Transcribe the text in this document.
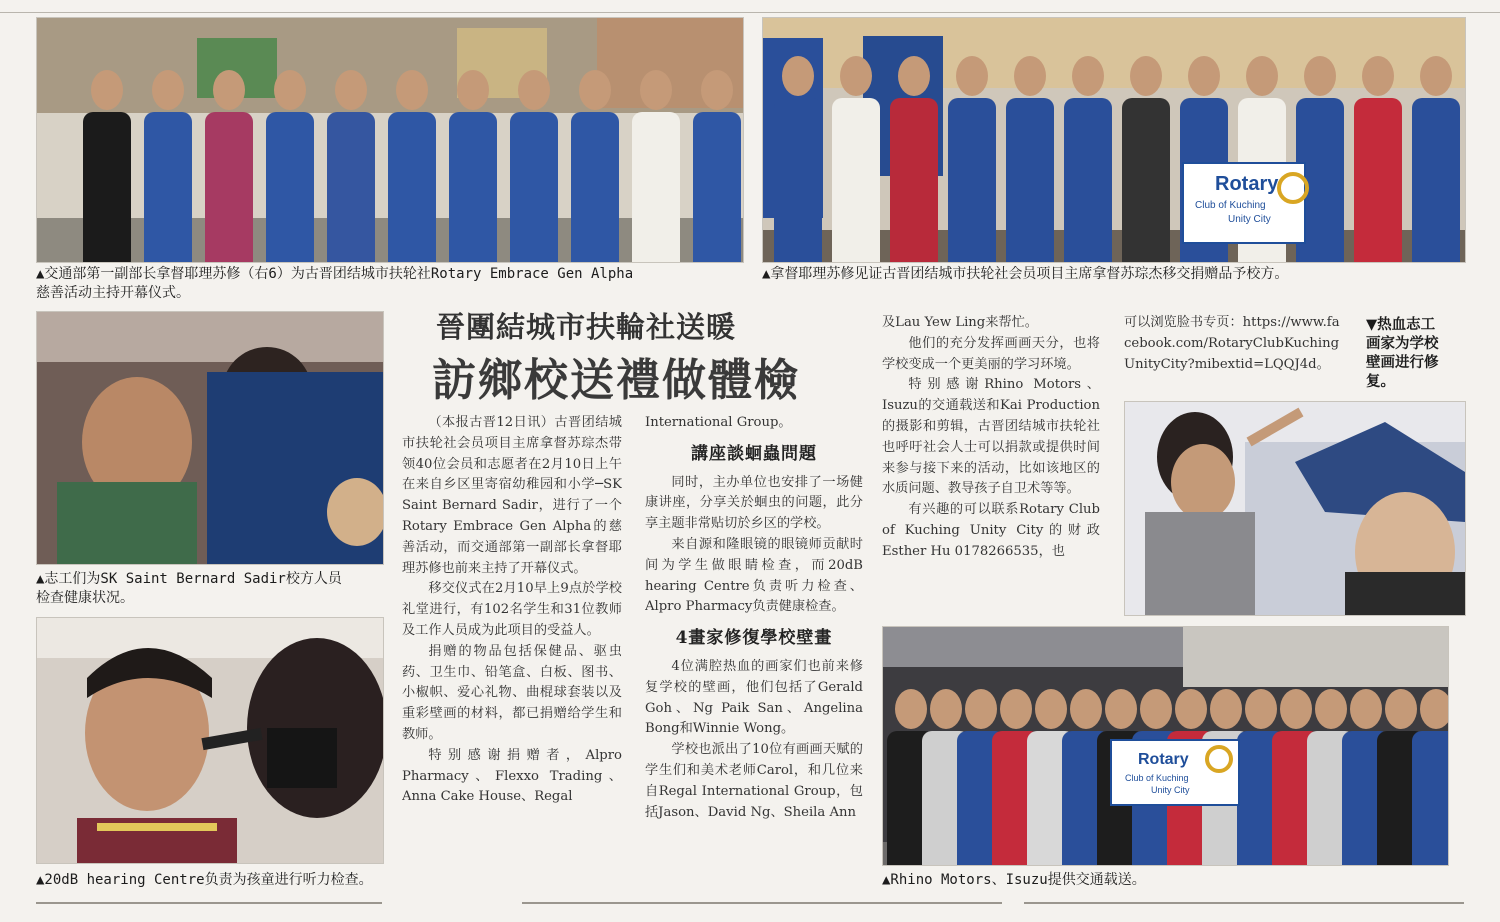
▲交通部第一副部长拿督耶理苏修（右6）为古晋团结城市扶轮社Rotary Embrace Gen Alpha
慈善活动主持开幕仪式。
Rotary
Club of Kuching
Unity City
▲拿督耶理苏修见证古晋团结城市扶轮社会员项目主席拿督苏琮杰移交捐赠品予校方。
▲志工们为SK Saint Bernard Sadir校方人员
检查健康状况。
▲20dB hearing Centre负责为孩童进行听力检查。
晉團結城市扶輪社送暖
訪鄉校送禮做體檢

（本报古晋12日讯）古晋团结城市扶轮社会员项目主席拿督苏琮杰带领40位会员和志愿者在2月10日上午在来自乡区里寄宿幼稚园和小学─SK Saint Bernard Sadir，进行了一个Rotary Embrace Gen Alpha的慈善活动，而交通部第一副部长拿督耶理苏修也前来主持了开幕仪式。

移交仪式在2月10早上9点於学校礼堂进行，有102名学生和31位教师及工作人员成为此项目的受益人。

捐赠的物品包括保健品、驱虫药、卫生巾、铅笔盒、白板、图书、小椒帜、爱心礼物、曲棍球套装以及重彩壁画的材料，都已捐赠给学生和教师。

特别感谢捐赠者，Alpro Pharmacy、Flexxo Trading、Anna Cake House、Regal

International Group。

講座談蛔蟲問題

同时，主办单位也安排了一场健康讲座，分享关於蛔虫的问题，此分享主题非常贴切於乡区的学校。

来自源和隆眼镜的眼镜师贡献时间为学生做眼睛检查，而20dB hearing Centre负责听力检查、Alpro Pharmacy负责健康检查。

4畫家修復學校壁畫

4位满腔热血的画家们也前来修复学校的壁画，他们包括了Gerald Goh、Ng Paik San、Angelina Bong和Winnie Wong。

学校也派出了10位有画画天赋的学生们和美术老师Carol，和几位来自Regal International Group，包括Jason、David Ng、Sheila Ann

及Lau Yew Ling来帮忙。

他们的充分发挥画画天分，也将学校变成一个更美丽的学习环境。

特别感谢Rhino Motors、Isuzu的交通载送和Kai Production的摄影和剪辑，古晋团结城市扶轮社也呼吁社会人士可以捐款或提供时间来参与接下来的活动，比如该地区的水质问题、教导孩子自卫术等等。

有兴趣的可以联系Rotary Club of Kuching Unity City的财政Esther Hu 0178266535，也

可以浏览脸书专页：https://www.facebook.com/RotaryClubKuchingUnityCity?mibextid=LQQJ4d。

▼热血志工
画家为学校
壁画进行修
复。
Rotary
Club of Kuching
Unity City
▲Rhino Motors、Isuzu提供交通载送。
